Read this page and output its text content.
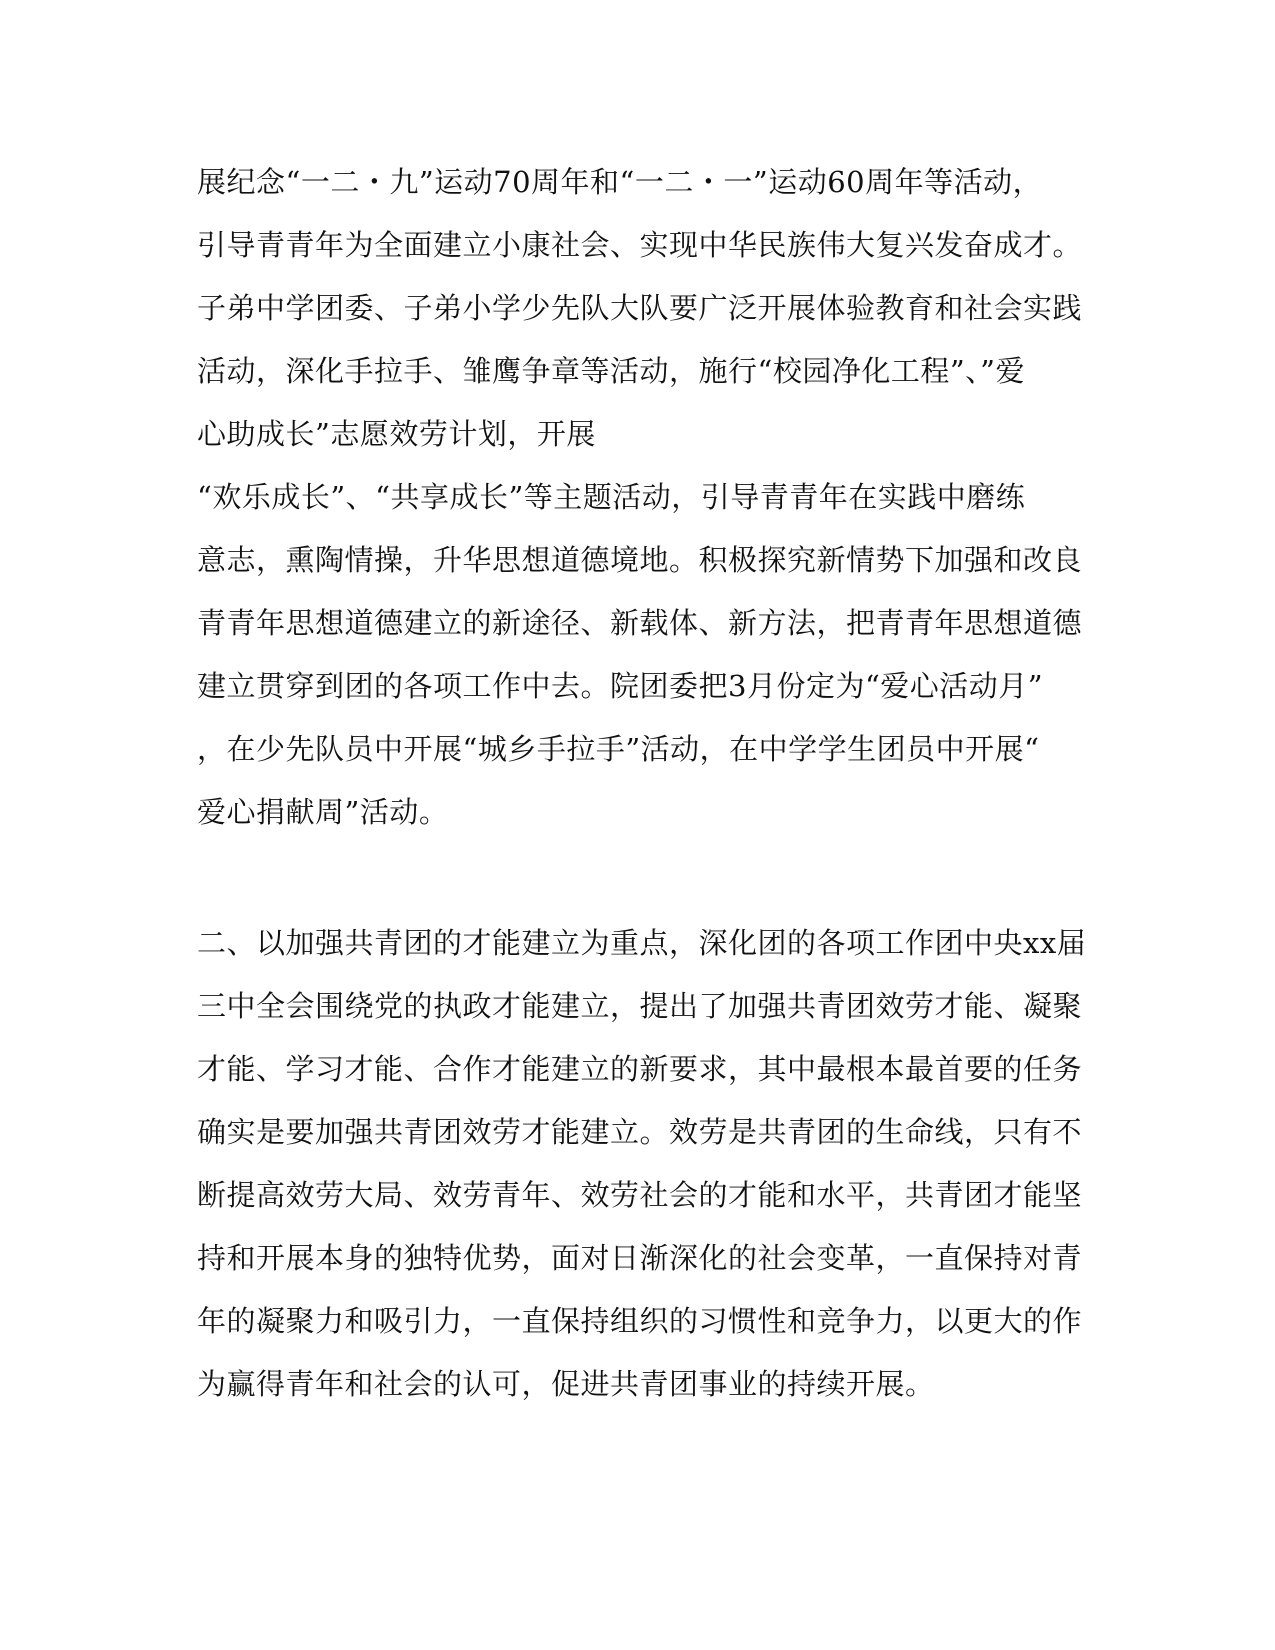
展纪念“一二・九”运动70周年和“一二・一”运动60周年等活动，
引导青青年为全面建立小康社会、实现中华民族伟大复兴发奋成才。
子弟中学团委、子弟小学少先队大队要广泛开展体验教育和社会实践
活动，深化手拉手、雏鹰争章等活动，施行“校园净化工程”、”爱
心助成长”志愿效劳计划，开展
“欢乐成长”、“共享成长”等主题活动，引导青青年在实践中磨练
意志，熏陶情操，升华思想道德境地。积极探究新情势下加强和改良
青青年思想道德建立的新途径、新载体、新方法，把青青年思想道德
建立贯穿到团的各项工作中去。院团委把3月份定为“爱心活动月”
，在少先队员中开展“城乡手拉手”活动，在中学学生团员中开展“
爱心捐献周”活动。
二、以加强共青团的才能建立为重点，深化团的各项工作团中央xx届
三中全会围绕党的执政才能建立，提出了加强共青团效劳才能、凝聚
才能、学习才能、合作才能建立的新要求，其中最根本最首要的任务
确实是要加强共青团效劳才能建立。效劳是共青团的生命线，只有不
断提高效劳大局、效劳青年、效劳社会的才能和水平，共青团才能坚
持和开展本身的独特优势，面对日渐深化的社会变革，一直保持对青
年的凝聚力和吸引力，一直保持组织的习惯性和竞争力，以更大的作
为赢得青年和社会的认可，促进共青团事业的持续开展。
